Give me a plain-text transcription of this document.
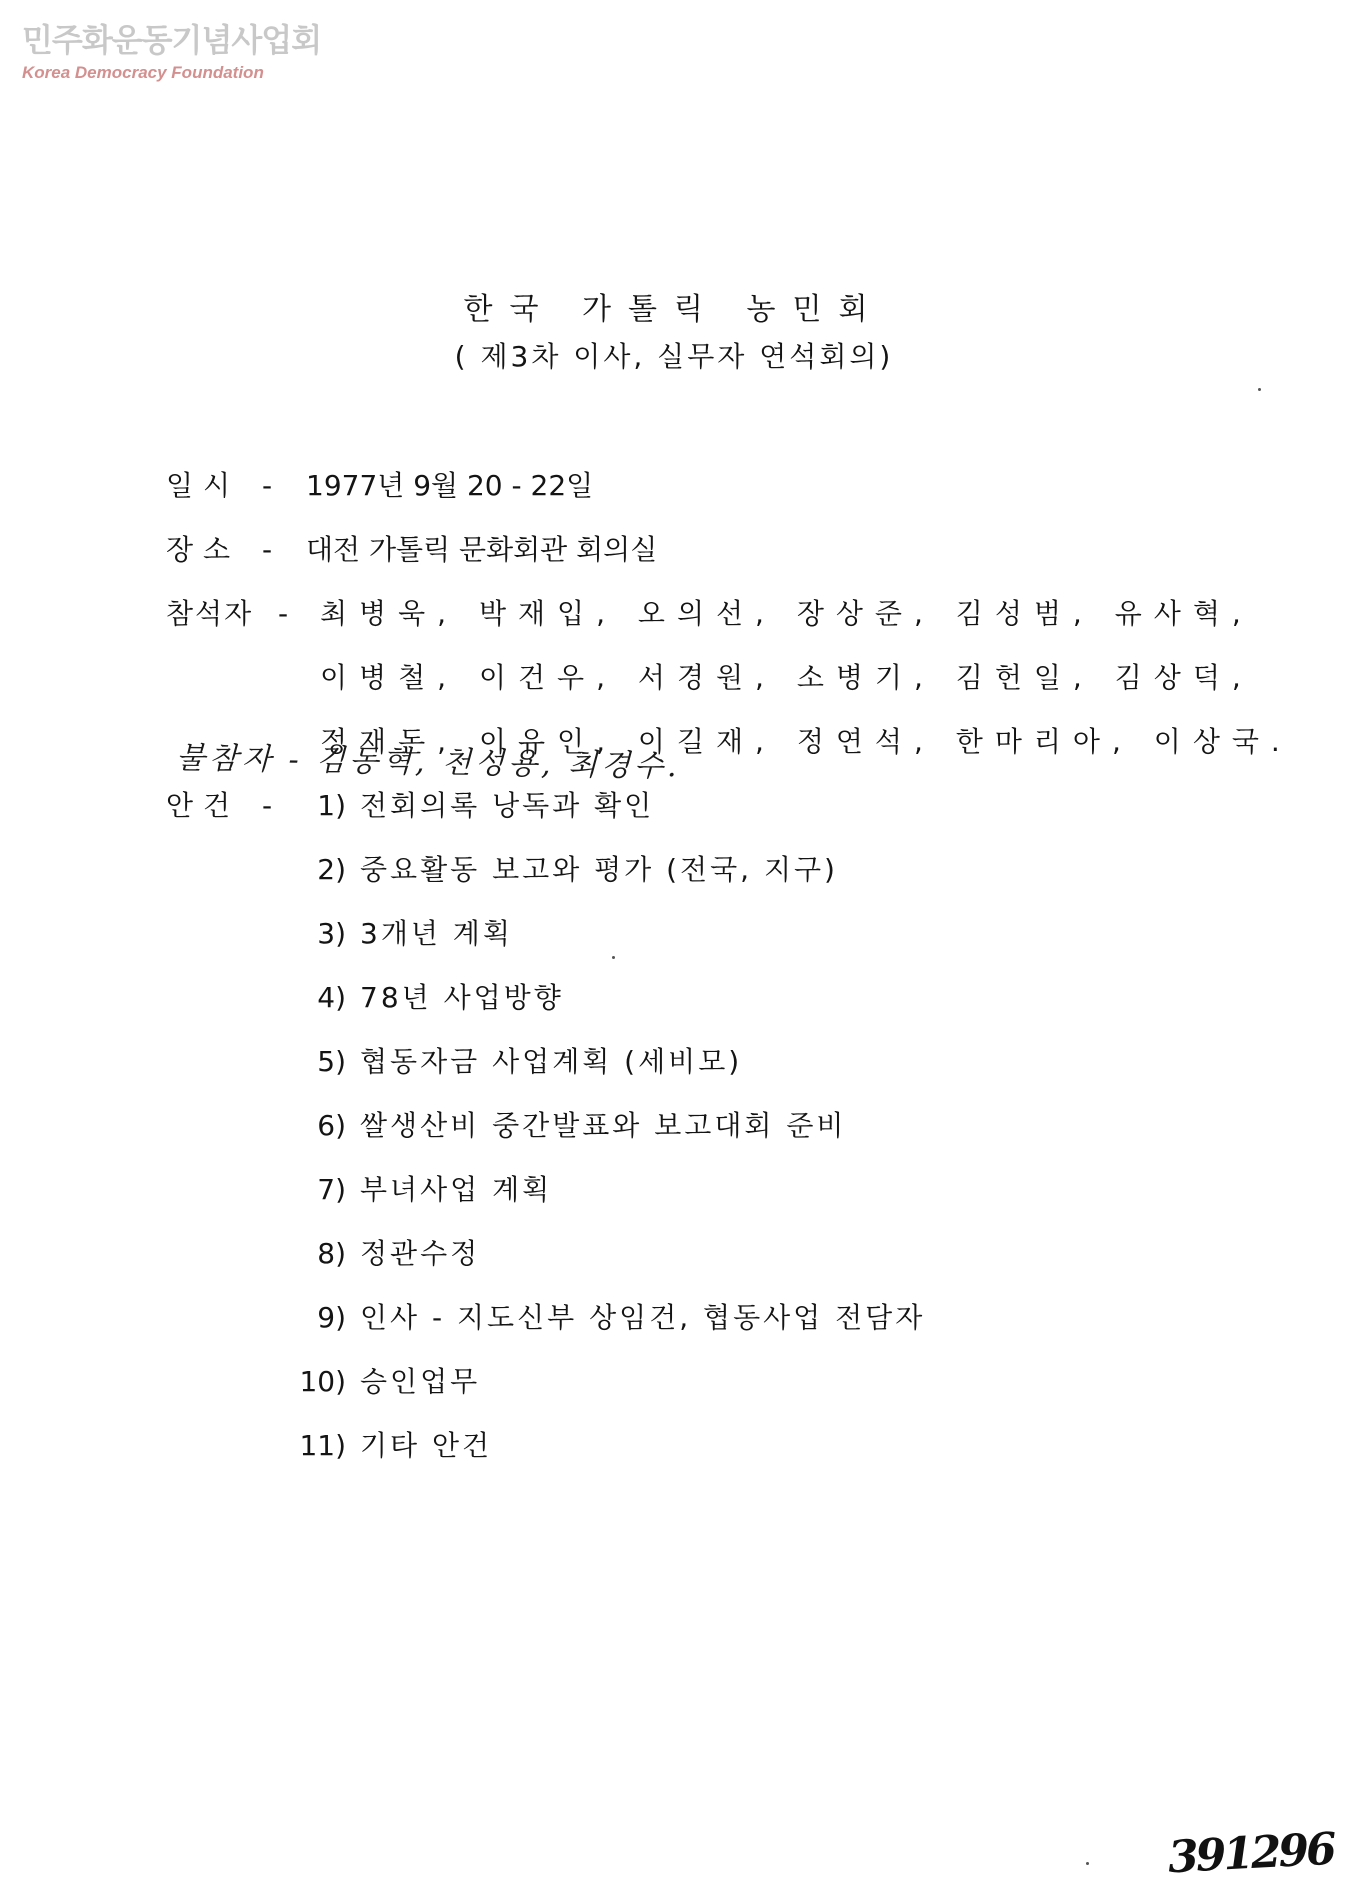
민주화운동기념사업회
Korea Democracy Foundation
한국 가톨릭 농민회
( 제3차 이사, 실무자 연석회의)
일시 - 1977년 9월 20 - 22일
장소 - 대전 가톨릭 문화회관 회의실
참석자 - 최병욱, 박재입, 오의선, 장상준, 김성범, 유사혁,
이병철, 이건우, 서경원, 소병기, 김헌일, 김상덕,
정재돈, 이유인, 이길재, 정연석, 한마리아, 이상국.
불참자 - 김동혁, 천성용, 최경수.
안건 -	1) 전회의록 낭독과 확인
2) 중요활동 보고와 평가 (전국, 지구)
3) 3개년 계획
4) 78년 사업방향
5) 협동자금 사업계획 (세비모)
6) 쌀생산비 중간발표와 보고대회 준비
7) 부녀사업 계획
8) 정관수정
9) 인사 - 지도신부 상임건, 협동사업 전담자
10) 승인업무
11) 기타 안건
391296
